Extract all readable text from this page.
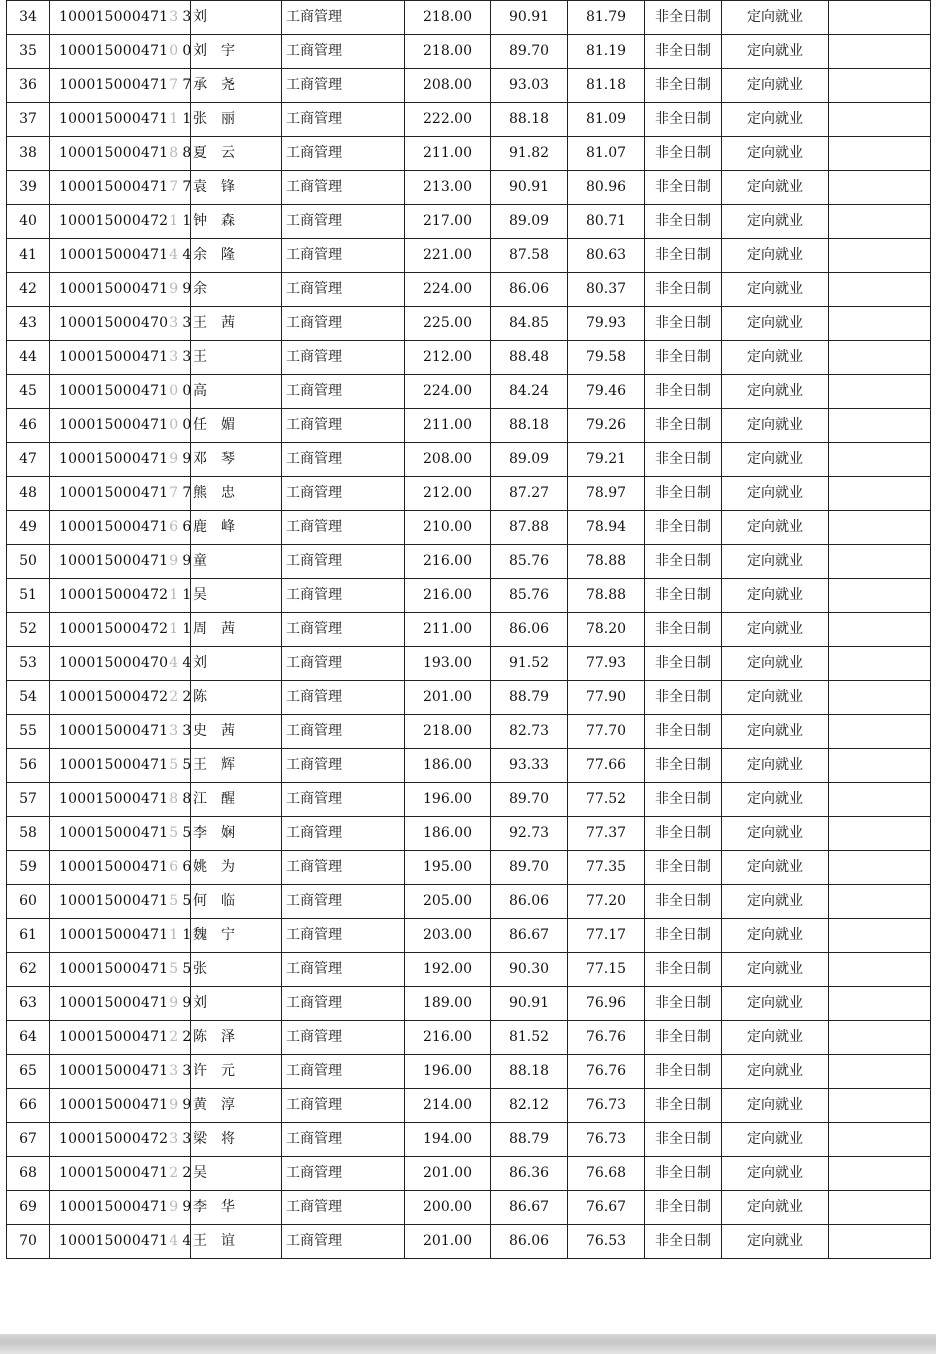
34	1000150004713 3	刘	工商管理	218.00	90.91	81.79	非全日制	定向就业	
35	1000150004710 0	刘 宇	工商管理	218.00	89.70	81.19	非全日制	定向就业	
36	1000150004717 7	承 尧	工商管理	208.00	93.03	81.18	非全日制	定向就业	
37	1000150004711 1	张 丽	工商管理	222.00	88.18	81.09	非全日制	定向就业	
38	1000150004718 8	夏 云	工商管理	211.00	91.82	81.07	非全日制	定向就业	
39	1000150004717 7	袁 锋	工商管理	213.00	90.91	80.96	非全日制	定向就业	
40	1000150004721 1	钟 森	工商管理	217.00	89.09	80.71	非全日制	定向就业	
41	1000150004714 4	余 隆	工商管理	221.00	87.58	80.63	非全日制	定向就业	
42	1000150004719 9	余	工商管理	224.00	86.06	80.37	非全日制	定向就业	
43	1000150004703 3	王 茜	工商管理	225.00	84.85	79.93	非全日制	定向就业	
44	1000150004713 3	王	工商管理	212.00	88.48	79.58	非全日制	定向就业	
45	1000150004710 0	高	工商管理	224.00	84.24	79.46	非全日制	定向就业	
46	1000150004710 0	任 媚	工商管理	211.00	88.18	79.26	非全日制	定向就业	
47	1000150004719 9	邓 琴	工商管理	208.00	89.09	79.21	非全日制	定向就业	
48	1000150004717 7	熊 忠	工商管理	212.00	87.27	78.97	非全日制	定向就业	
49	1000150004716 6	鹿 峰	工商管理	210.00	87.88	78.94	非全日制	定向就业	
50	1000150004719 9	童	工商管理	216.00	85.76	78.88	非全日制	定向就业	
51	1000150004721 1	吴	工商管理	216.00	85.76	78.88	非全日制	定向就业	
52	1000150004721 1	周 茜	工商管理	211.00	86.06	78.20	非全日制	定向就业	
53	1000150004704 4	刘	工商管理	193.00	91.52	77.93	非全日制	定向就业	
54	1000150004722 2	陈	工商管理	201.00	88.79	77.90	非全日制	定向就业	
55	1000150004713 3	史 茜	工商管理	218.00	82.73	77.70	非全日制	定向就业	
56	1000150004715 5	王 辉	工商管理	186.00	93.33	77.66	非全日制	定向就业	
57	1000150004718 8	江 醒	工商管理	196.00	89.70	77.52	非全日制	定向就业	
58	1000150004715 5	李 娴	工商管理	186.00	92.73	77.37	非全日制	定向就业	
59	1000150004716 6	姚 为	工商管理	195.00	89.70	77.35	非全日制	定向就业	
60	1000150004715 5	何 临	工商管理	205.00	86.06	77.20	非全日制	定向就业	
61	1000150004711 1	魏 宁	工商管理	203.00	86.67	77.17	非全日制	定向就业	
62	1000150004715 5	张	工商管理	192.00	90.30	77.15	非全日制	定向就业	
63	1000150004719 9	刘	工商管理	189.00	90.91	76.96	非全日制	定向就业	
64	1000150004712 2	陈 泽	工商管理	216.00	81.52	76.76	非全日制	定向就业	
65	1000150004713 3	许 元	工商管理	196.00	88.18	76.76	非全日制	定向就业	
66	1000150004719 9	黄 淳	工商管理	214.00	82.12	76.73	非全日制	定向就业	
67	1000150004723 3	梁 将	工商管理	194.00	88.79	76.73	非全日制	定向就业	
68	1000150004712 2	吴	工商管理	201.00	86.36	76.68	非全日制	定向就业	
69	1000150004719 9	李 华	工商管理	200.00	86.67	76.67	非全日制	定向就业	
70	1000150004714 4	王 谊	工商管理	201.00	86.06	76.53	非全日制	定向就业	
